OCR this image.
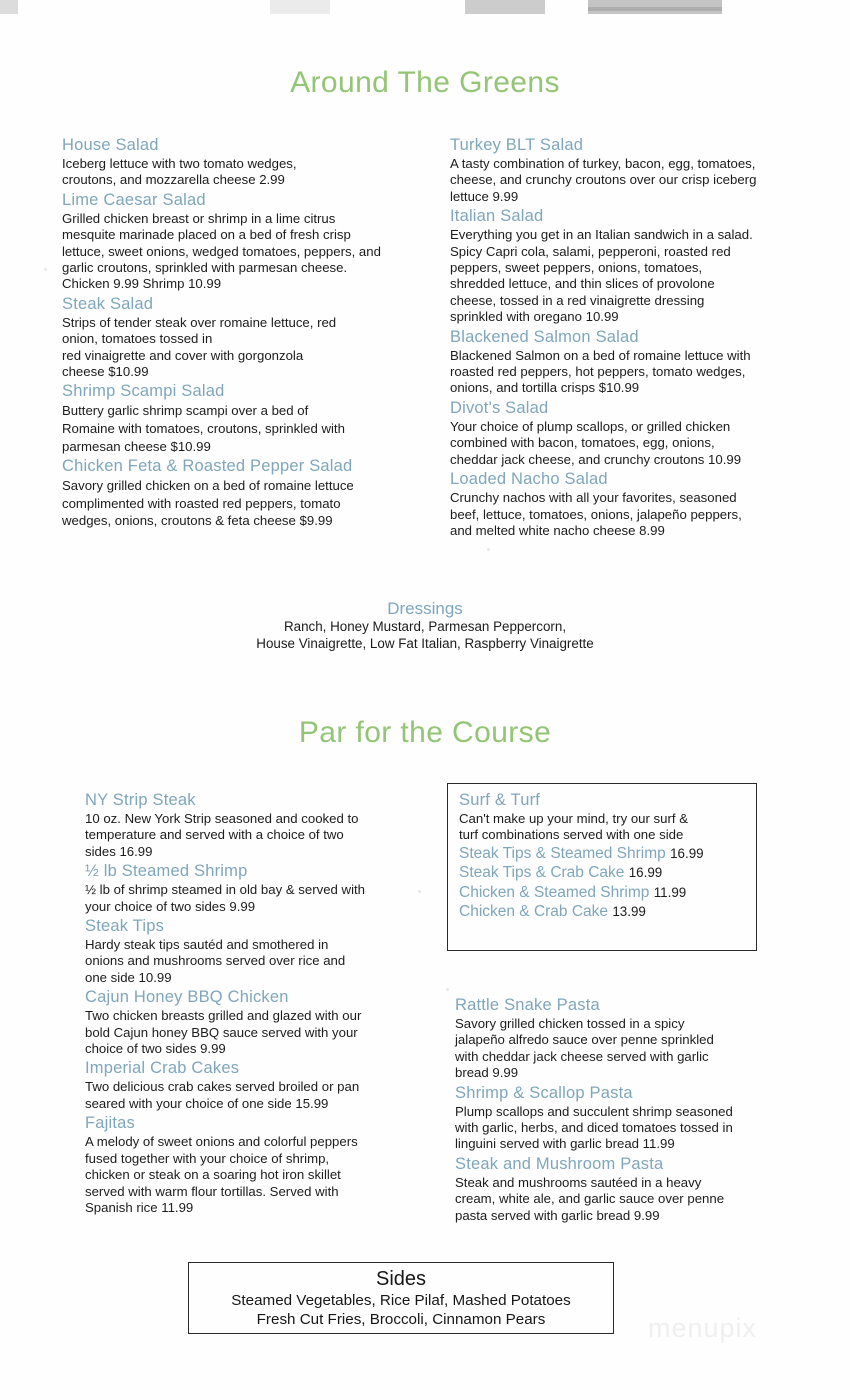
Around The Greens
House Salad
Iceberg lettuce with two tomato wedges,
croutons, and mozzarella cheese 2.99
Lime Caesar Salad
Grilled chicken breast or shrimp in a lime citrus
mesquite marinade placed on a bed of fresh crisp
lettuce, sweet onions, wedged tomatoes, peppers, and
garlic croutons, sprinkled with parmesan cheese.
Chicken 9.99 Shrimp 10.99
Steak Salad
Strips of tender steak over romaine lettuce, red
onion, tomatoes tossed in
red vinaigrette and cover with gorgonzola
cheese $10.99
Shrimp Scampi Salad
Buttery garlic shrimp scampi over a bed of
Romaine with tomatoes, croutons, sprinkled with
parmesan cheese $10.99
Chicken Feta & Roasted Pepper Salad
Savory grilled chicken on a bed of romaine lettuce
complimented with roasted red peppers, tomato
wedges, onions, croutons & feta cheese $9.99
Turkey BLT Salad
A tasty combination of turkey, bacon, egg, tomatoes,
cheese, and crunchy croutons over our crisp iceberg
lettuce 9.99
Italian Salad
Everything you get in an Italian sandwich in a salad.
Spicy Capri cola, salami, pepperoni, roasted red
peppers, sweet peppers, onions, tomatoes,
shredded lettuce, and thin slices of provolone
cheese, tossed in a red vinaigrette dressing
sprinkled with oregano 10.99
Blackened Salmon Salad
Blackened Salmon on a bed of romaine lettuce with
roasted red peppers, hot peppers, tomato wedges,
onions, and tortilla crisps $10.99
Divot's Salad
Your choice of plump scallops, or grilled chicken
combined with bacon, tomatoes, egg, onions,
cheddar jack cheese, and crunchy croutons 10.99
Loaded Nacho Salad
Crunchy nachos with all your favorites, seasoned
beef, lettuce, tomatoes, onions, jalapeño peppers,
and melted white nacho cheese 8.99
Dressings
Ranch, Honey Mustard, Parmesan Peppercorn,
House Vinaigrette, Low Fat Italian, Raspberry Vinaigrette
Par for the Course
NY Strip Steak
10 oz. New York Strip seasoned and cooked to
temperature and served with a choice of two
sides 16.99
½ lb Steamed Shrimp
½ lb of shrimp steamed in old bay & served with
your choice of two sides 9.99
Steak Tips
Hardy steak tips sautéd and smothered in
onions and mushrooms served over rice and
one side 10.99
Cajun Honey BBQ Chicken
Two chicken breasts grilled and glazed with our
bold Cajun honey BBQ sauce served with your
choice of two sides 9.99
Imperial Crab Cakes
Two delicious crab cakes served broiled or pan
seared with your choice of one side 15.99
Fajitas
A melody of sweet onions and colorful peppers
fused together with your choice of shrimp,
chicken or steak on a soaring hot iron skillet
served with warm flour tortillas. Served with
Spanish rice 11.99
Surf & Turf
Can't make up your mind, try our surf &
turf combinations served with one side
Steak Tips & Steamed Shrimp 16.99
Steak Tips & Crab Cake 16.99
Chicken & Steamed Shrimp 11.99
Chicken & Crab Cake 13.99
Rattle Snake Pasta
Savory grilled chicken tossed in a spicy
jalapeño alfredo sauce over penne sprinkled
with cheddar jack cheese served with garlic
bread 9.99
Shrimp & Scallop Pasta
Plump scallops and succulent shrimp seasoned
with garlic, herbs, and diced tomatoes tossed in
linguini served with garlic bread 11.99
Steak and Mushroom Pasta
Steak and mushrooms sautéed in a heavy
cream, white ale, and garlic sauce over penne
pasta served with garlic bread 9.99
Sides
Steamed Vegetables, Rice Pilaf, Mashed Potatoes
Fresh Cut Fries, Broccoli, Cinnamon Pears	menupix
